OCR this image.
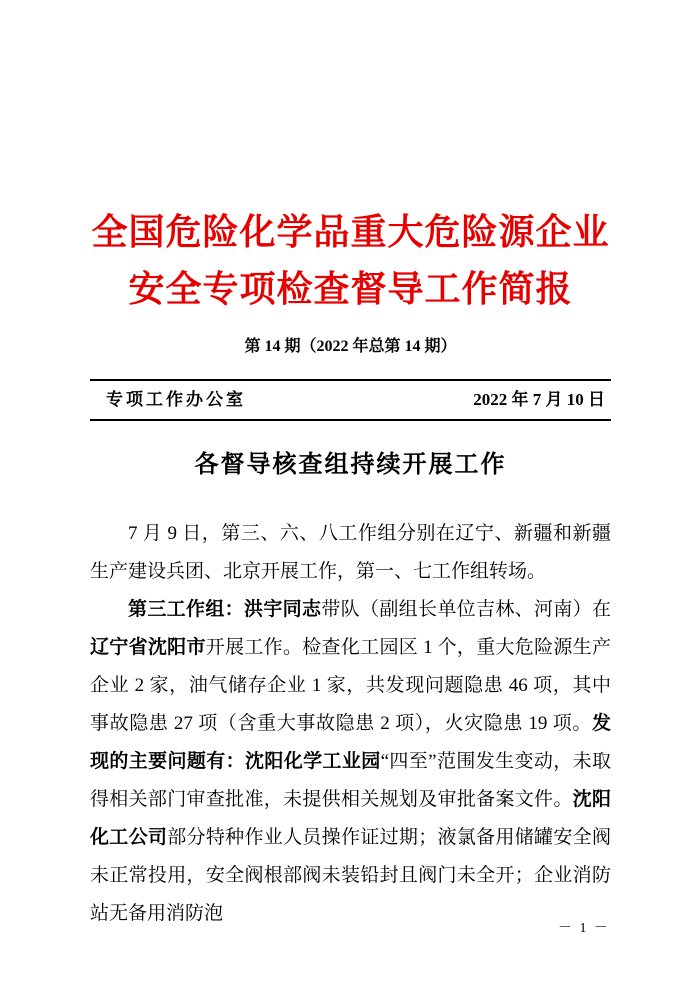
全国危险化学品重大危险源企业
安全专项检查督导工作简报
第 14 期（2022 年总第 14 期）
专项工作办公室	2022 年 7 月 10 日
各督导核查组持续开展工作

7 月 9 日，第三、六、八工作组分别在辽宁、新疆和新疆生产建设兵团、北京开展工作，第一、七工作组转场。

第三工作组：洪宇同志带队（副组长单位吉林、河南）在辽宁省沈阳市开展工作。检查化工园区 1 个，重大危险源生产企业 2 家，油气储存企业 1 家，共发现问题隐患 46 项，其中事故隐患 27 项（含重大事故隐患 2 项），火灾隐患 19 项。发现的主要问题有：沈阳化学工业园“四至”范围发生变动，未取得相关部门审查批准，未提供相关规划及审批备案文件。沈阳化工公司部分特种作业人员操作证过期；液氯备用储罐安全阀未正常投用，安全阀根部阀未装铅封且阀门未全开；企业消防站无备用消防泡

－ 1 －
